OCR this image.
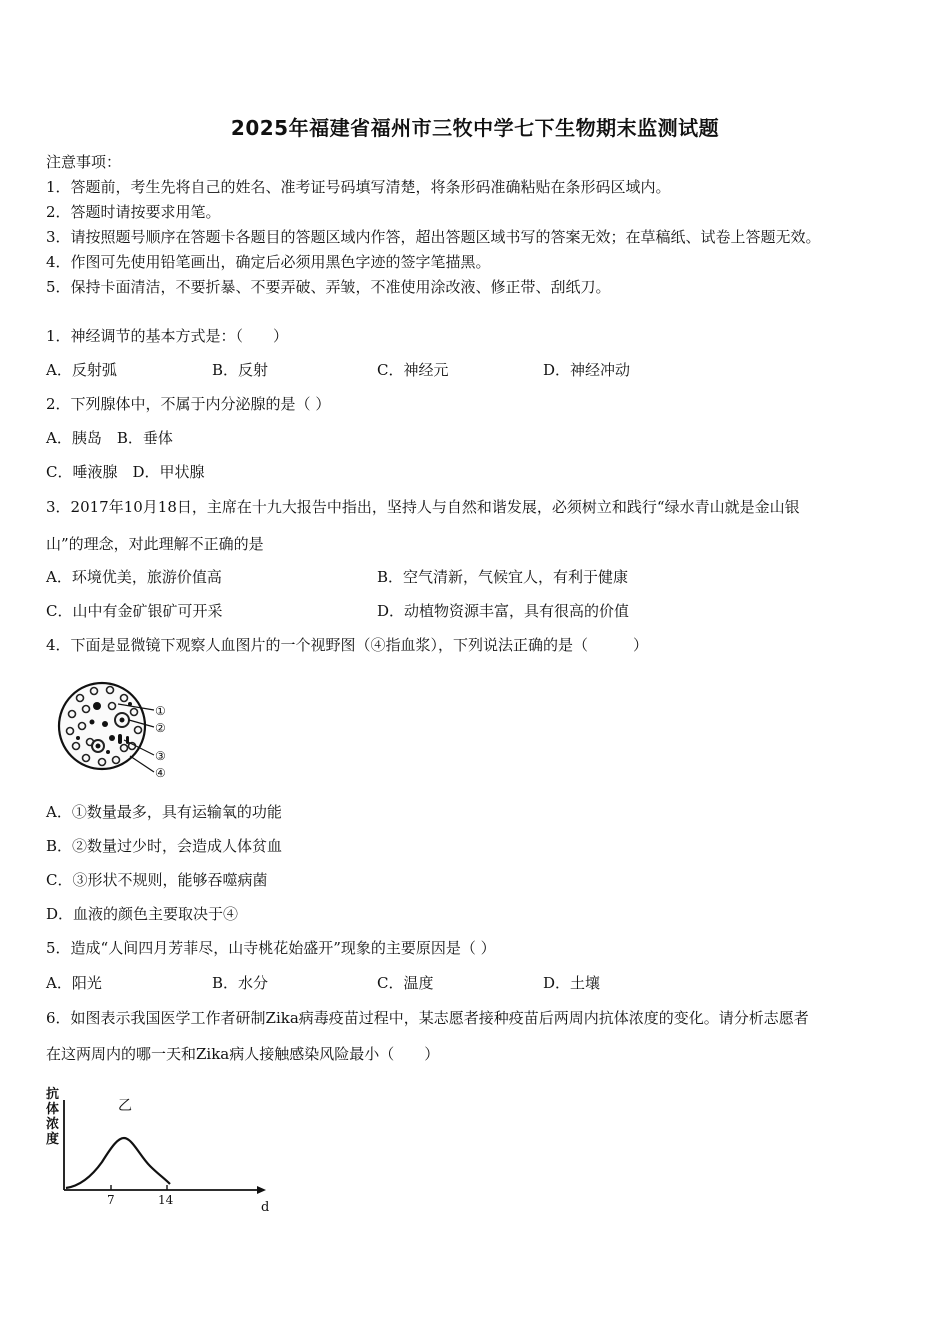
2025年福建省福州市三牧中学七下生物期末监测试题
注意事项：
1．答题前，考生先将自己的姓名、准考证号码填写清楚，将条形码准确粘贴在条形码区域内。
2．答题时请按要求用笔。
3．请按照题号顺序在答题卡各题目的答题区域内作答，超出答题区域书写的答案无效；在草稿纸、试卷上答题无效。
4．作图可先使用铅笔画出，确定后必须用黑色字迹的签字笔描黑。
5．保持卡面清洁，不要折暴、不要弄破、弄皱，不准使用涂改液、修正带、刮纸刀。
1．神经调节的基本方式是：（　　）
A．反射弧	B．反射	C．神经元	D．神经冲动
2．下列腺体中，不属于内分泌腺的是（ ）
A．胰岛　B．垂体
C．唾液腺　D．甲状腺
3．2017年10月18日，主席在十九大报告中指出，坚持人与自然和谐发展，必须树立和践行“绿水青山就是金山银
山”的理念，对此理解不正确的是
A．环境优美，旅游价值高	B．空气清新，气候宜人，有利于健康
C．山中有金矿银矿可开采	D．动植物资源丰富，具有很高的价值
4．下面是显微镜下观察人血图片的一个视野图（④指血浆），下列说法正确的是（　　　）
①
②
③
④
A．①数量最多，具有运输氧的功能
B．②数量过少时，会造成人体贫血
C．③形状不规则，能够吞噬病菌
D．血液的颜色主要取决于④
5．造成“人间四月芳菲尽，山寺桃花始盛开”现象的主要原因是（ ）
A．阳光	B．水分	C．温度	D．土壤
6．如图表示我国医学工作者研制Zika病毒疫苗过程中，某志愿者接种疫苗后两周内抗体浓度的变化。请分析志愿者
在这两周内的哪一天和Zika病人接触感染风险最小（　　）
抗
体
浓
度
乙
7	14	d
